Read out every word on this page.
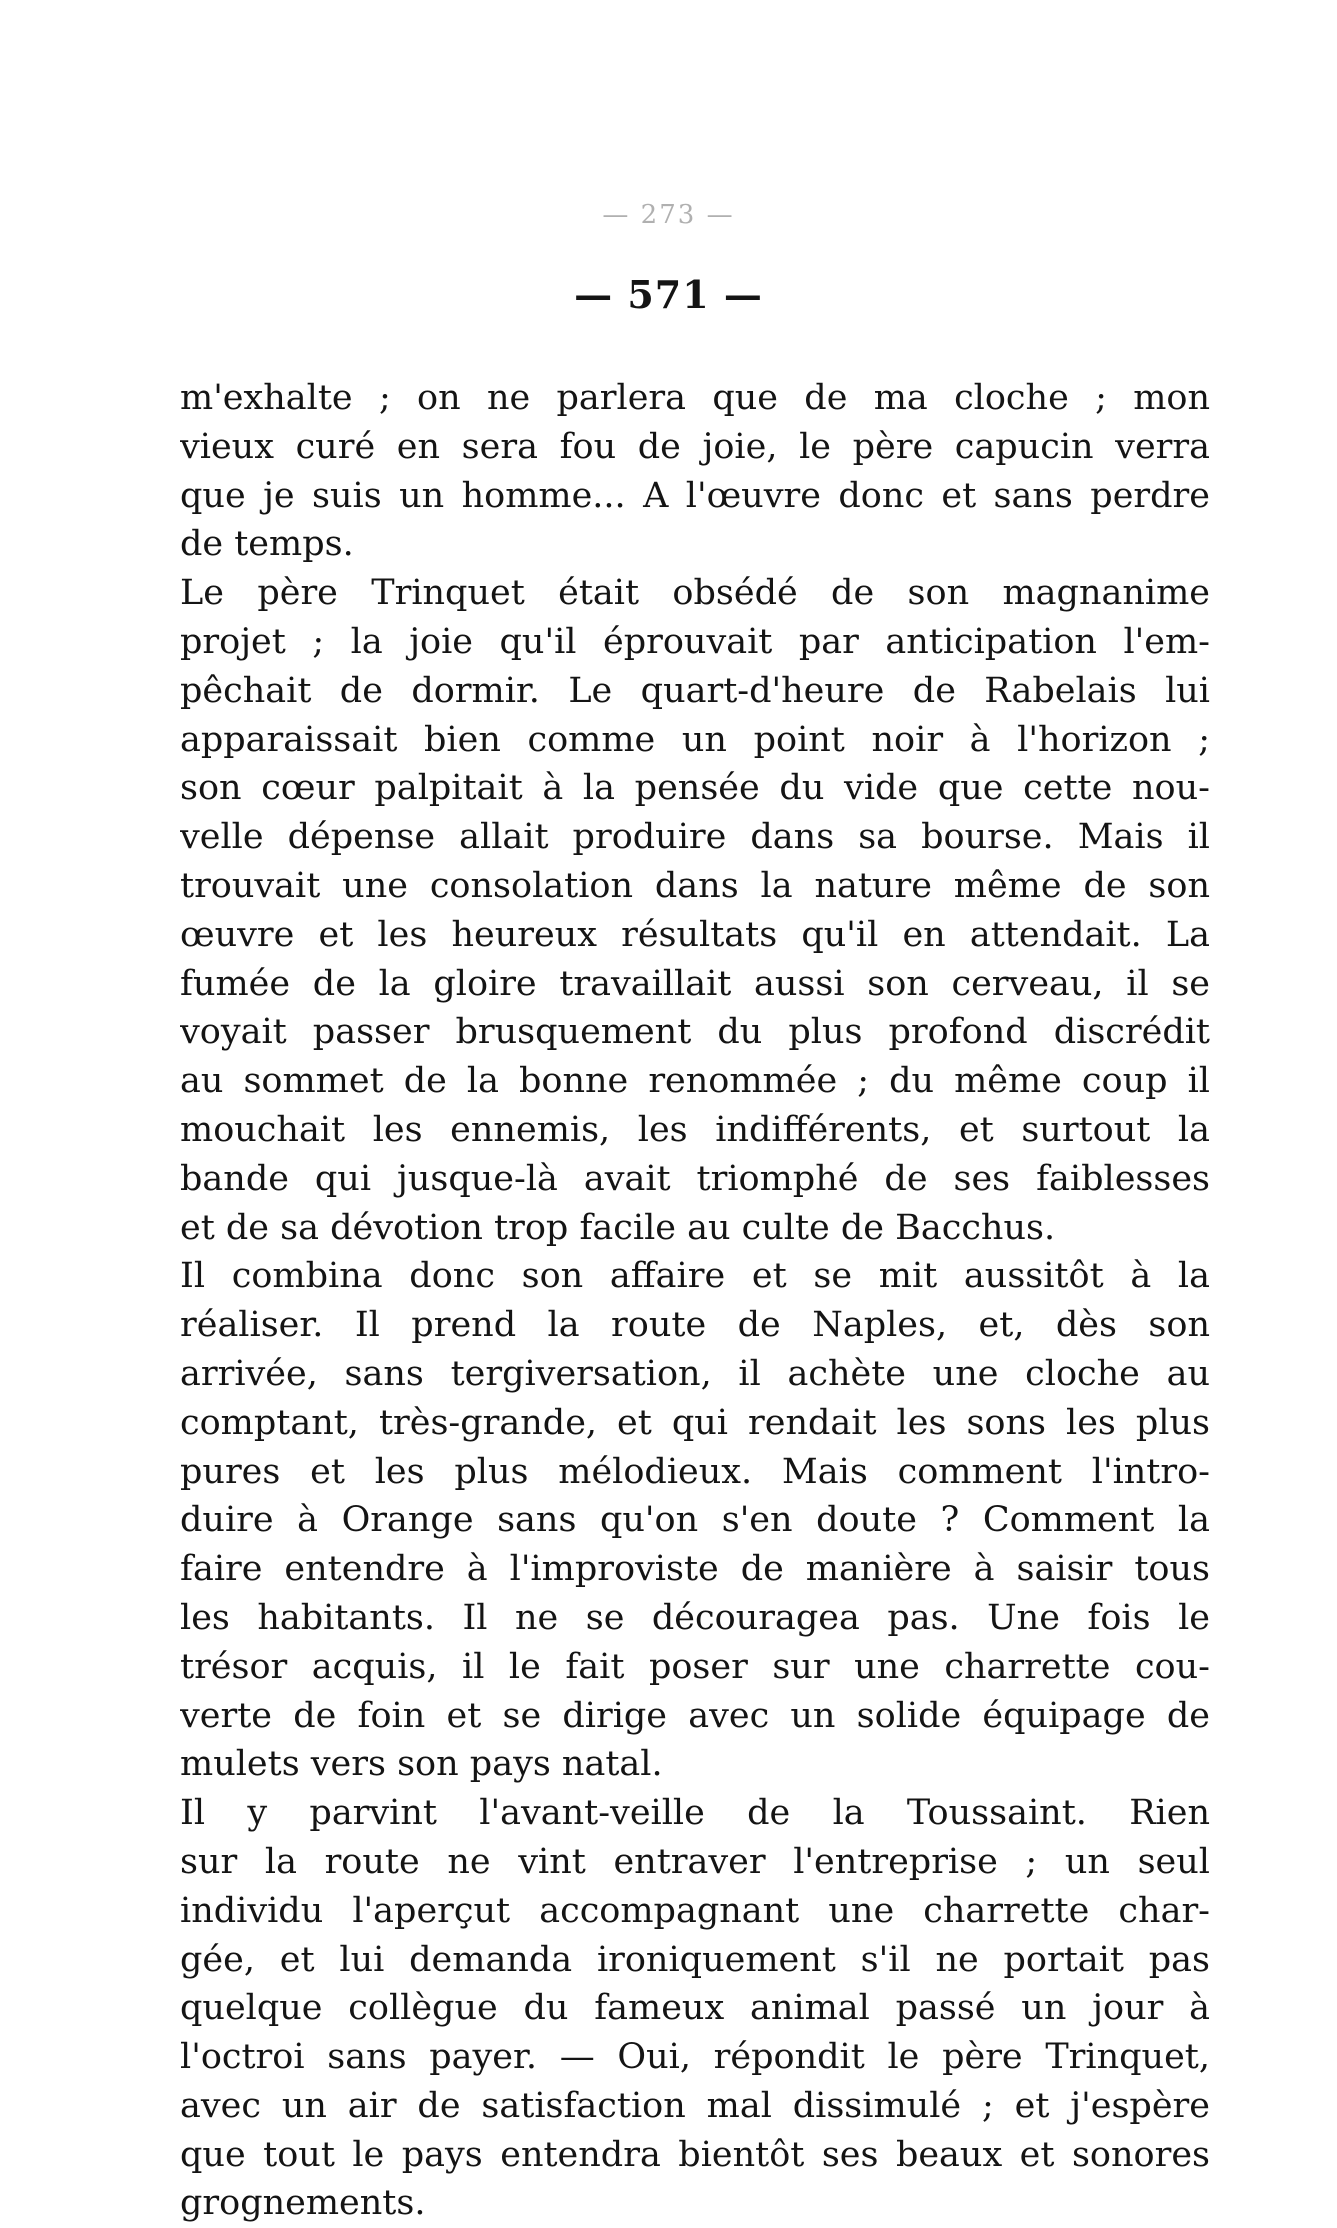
— 273 —
— 571 —
m'exhalte ; on ne parlera que de ma cloche ; mon
vieux curé en sera fou de joie, le père capucin verra
que je suis un homme... A l'œuvre donc et sans perdre
de temps.
Le père Trinquet était obsédé de son magnanime
projet ; la joie qu'il éprouvait par anticipation l'em-
pêchait de dormir. Le quart-d'heure de Rabelais lui
apparaissait bien comme un point noir à l'horizon ;
son cœur palpitait à la pensée du vide que cette nou-
velle dépense allait produire dans sa bourse. Mais il
trouvait une consolation dans la nature même de son
œuvre et les heureux résultats qu'il en attendait. La
fumée de la gloire travaillait aussi son cerveau, il se
voyait passer brusquement du plus profond discrédit
au sommet de la bonne renommée ; du même coup il
mouchait les ennemis, les indifférents, et surtout la
bande qui jusque-là avait triomphé de ses faiblesses
et de sa dévotion trop facile au culte de Bacchus.
Il combina donc son affaire et se mit aussitôt à la
réaliser. Il prend la route de Naples, et, dès son
arrivée, sans tergiversation, il achète une cloche au
comptant, très-grande, et qui rendait les sons les plus
pures et les plus mélodieux. Mais comment l'intro-
duire à Orange sans qu'on s'en doute ? Comment la
faire entendre à l'improviste de manière à saisir tous
les habitants. Il ne se découragea pas. Une fois le
trésor acquis, il le fait poser sur une charrette cou-
verte de foin et se dirige avec un solide équipage de
mulets vers son pays natal.
Il y parvint l'avant-veille de la Toussaint. Rien
sur la route ne vint entraver l'entreprise ; un seul
individu l'aperçut accompagnant une charrette char-
gée, et lui demanda ironiquement s'il ne portait pas
quelque collègue du fameux animal passé un jour à
l'octroi sans payer. — Oui, répondit le père Trinquet,
avec un air de satisfaction mal dissimulé ; et j'espère
que tout le pays entendra bientôt ses beaux et sonores
grognements.
